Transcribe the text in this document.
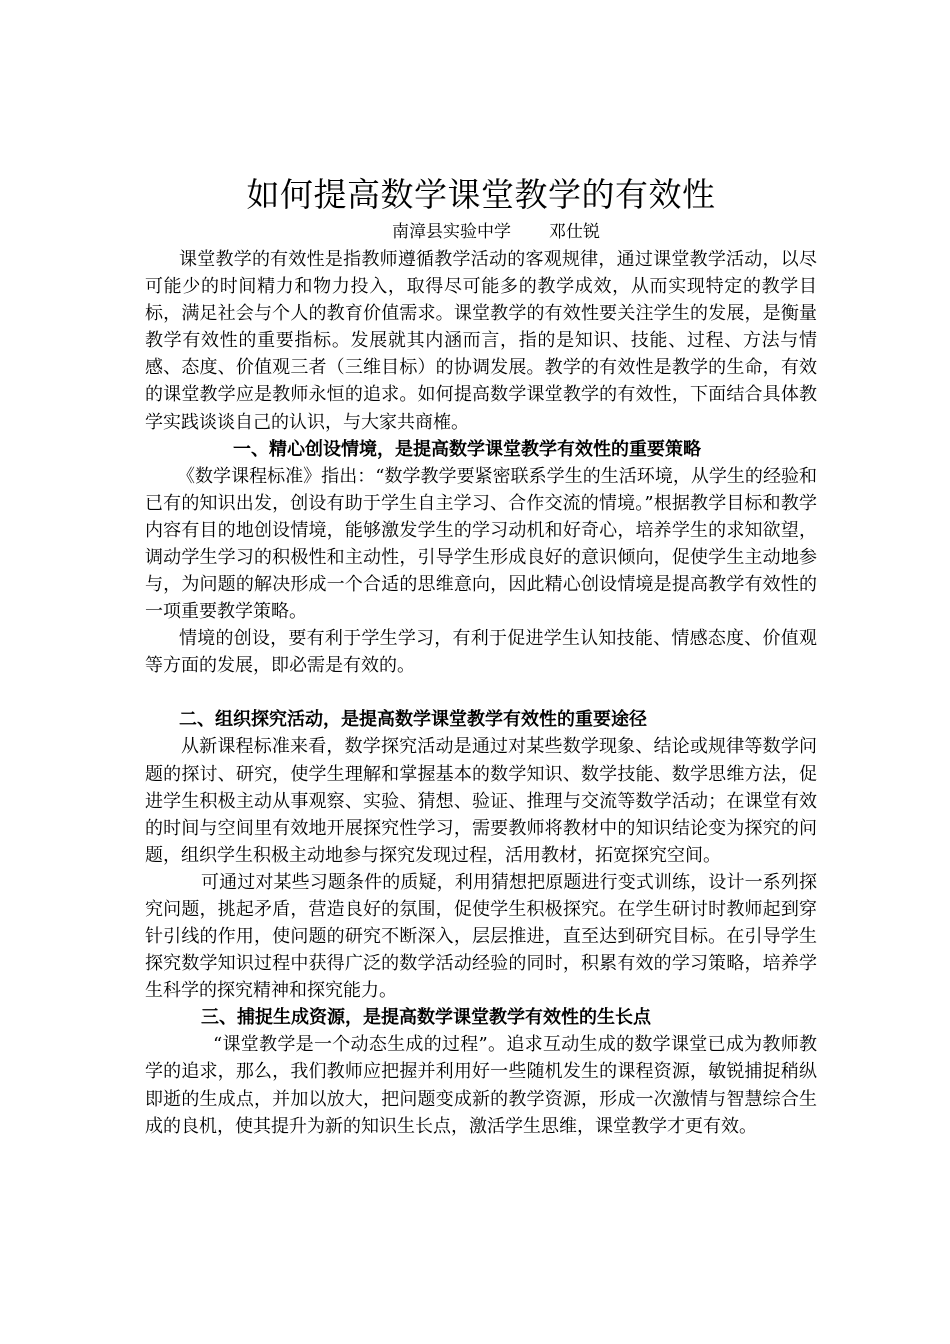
如何提高数学课堂教学的有效性
南漳县实验中学 邓仕锐

课堂教学的有效性是指教师遵循教学活动的客观规律，通过课堂教学活动，以尽可能少的时间精力和物力投入，取得尽可能多的教学成效，从而实现特定的教学目标，满足社会与个人的教育价值需求。课堂教学的有效性要关注学生的发展，是衡量教学有效性的重要指标。发展就其内涵而言，指的是知识、技能、过程、方法与情感、态度、价值观三者（三维目标）的协调发展。教学的有效性是教学的生命，有效的课堂教学应是教师永恒的追求。如何提高数学课堂教学的有效性，下面结合具体教学实践谈谈自己的认识，与大家共商榷。

一、精心创设情境，是提高数学课堂教学有效性的重要策略

《数学课程标准》指出：“数学教学要紧密联系学生的生活环境，从学生的经验和已有的知识出发，创设有助于学生自主学习、合作交流的情境。”根据教学目标和教学内容有目的地创设情境，能够激发学生的学习动机和好奇心，培养学生的求知欲望，调动学生学习的积极性和主动性，引导学生形成良好的意识倾向，促使学生主动地参与，为问题的解决形成一个合适的思维意向，因此精心创设情境是提高教学有效性的一项重要教学策略。

情境的创设，要有利于学生学习，有利于促进学生认知技能、情感态度、价值观等方面的发展，即必需是有效的。

二、组织探究活动，是提高数学课堂教学有效性的重要途径

从新课程标准来看，数学探究活动是通过对某些数学现象、结论或规律等数学问题的探讨、研究，使学生理解和掌握基本的数学知识、数学技能、数学思维方法，促进学生积极主动从事观察、实验、猜想、验证、推理与交流等数学活动；在课堂有效的时间与空间里有效地开展探究性学习，需要教师将教材中的知识结论变为探究的问题，组织学生积极主动地参与探究发现过程，活用教材，拓宽探究空间。

可通过对某些习题条件的质疑，利用猜想把原题进行变式训练，设计一系列探究问题，挑起矛盾，营造良好的氛围，促使学生积极探究。在学生研讨时教师起到穿针引线的作用，使问题的研究不断深入，层层推进，直至达到研究目标。在引导学生探究数学知识过程中获得广泛的数学活动经验的同时，积累有效的学习策略，培养学生科学的探究精神和探究能力。

三、捕捉生成资源，是提高数学课堂教学有效性的生长点

“课堂教学是一个动态生成的过程”。追求互动生成的数学课堂已成为教师教学的追求，那么，我们教师应把握并利用好一些随机发生的课程资源，敏锐捕捉稍纵即逝的生成点，并加以放大，把问题变成新的教学资源，形成一次激情与智慧综合生成的良机，使其提升为新的知识生长点，激活学生思维，课堂教学才更有效。
